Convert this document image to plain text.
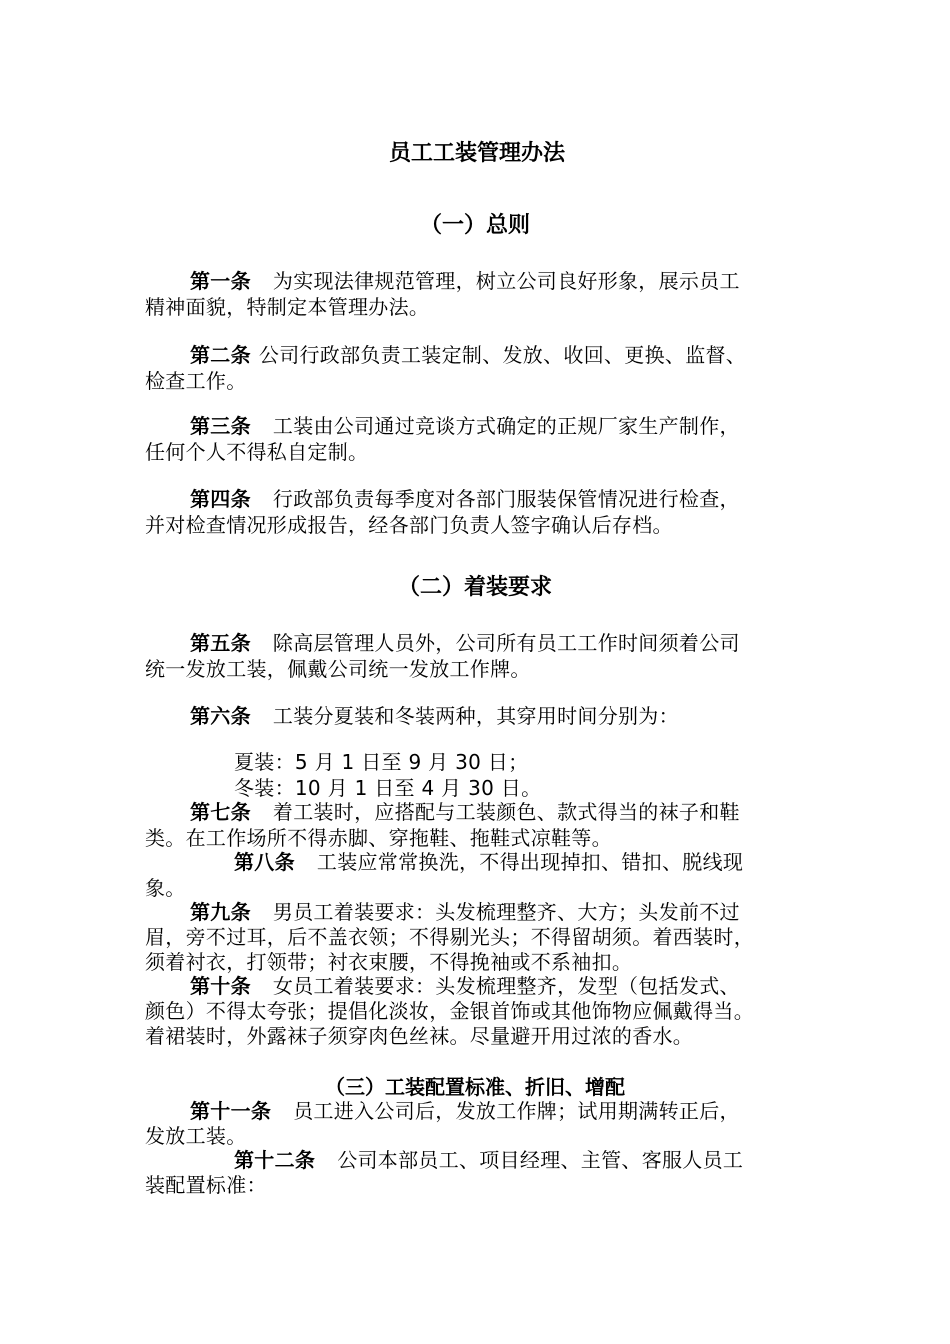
员工工装管理办法
（一）总则
第一条 为实现法律规范管理，树立公司良好形象，展示员工
精神面貌，特制定本管理办法。
第二条 公司行政部负责工装定制、发放、收回、更换、监督、
检查工作。
第三条 工装由公司通过竞谈方式确定的正规厂家生产制作，
任何个人不得私自定制。
第四条 行政部负责每季度对各部门服装保管情况进行检查，
并对检查情况形成报告，经各部门负责人签字确认后存档。
（二）着装要求
第五条 除高层管理人员外，公司所有员工工作时间须着公司
统一发放工装，佩戴公司统一发放工作牌。
第六条 工装分夏装和冬装两种，其穿用时间分别为：
夏装：5 月 1 日至 9 月 30 日；
冬装：10 月 1 日至 4 月 30 日。
第七条 着工装时，应搭配与工装颜色、款式得当的袜子和鞋
类。在工作场所不得赤脚、穿拖鞋、拖鞋式凉鞋等。
第八条 工装应常常换洗，不得出现掉扣、错扣、脱线现
象。
第九条 男员工着装要求：头发梳理整齐、大方；头发前不过
眉，旁不过耳，后不盖衣领；不得剔光头；不得留胡须。着西装时，
须着衬衣，打领带；衬衣束腰，不得挽袖或不系袖扣。
第十条 女员工着装要求：头发梳理整齐，发型（包括发式、
颜色）不得太夸张；提倡化淡妆，金银首饰或其他饰物应佩戴得当。
着裙装时，外露袜子须穿肉色丝袜。尽量避开用过浓的香水。
（三）工装配置标准、折旧、增配
第十一条 员工进入公司后，发放工作牌；试用期满转正后，
发放工装。
第十二条 公司本部员工、项目经理、主管、客服人员工
装配置标准：
